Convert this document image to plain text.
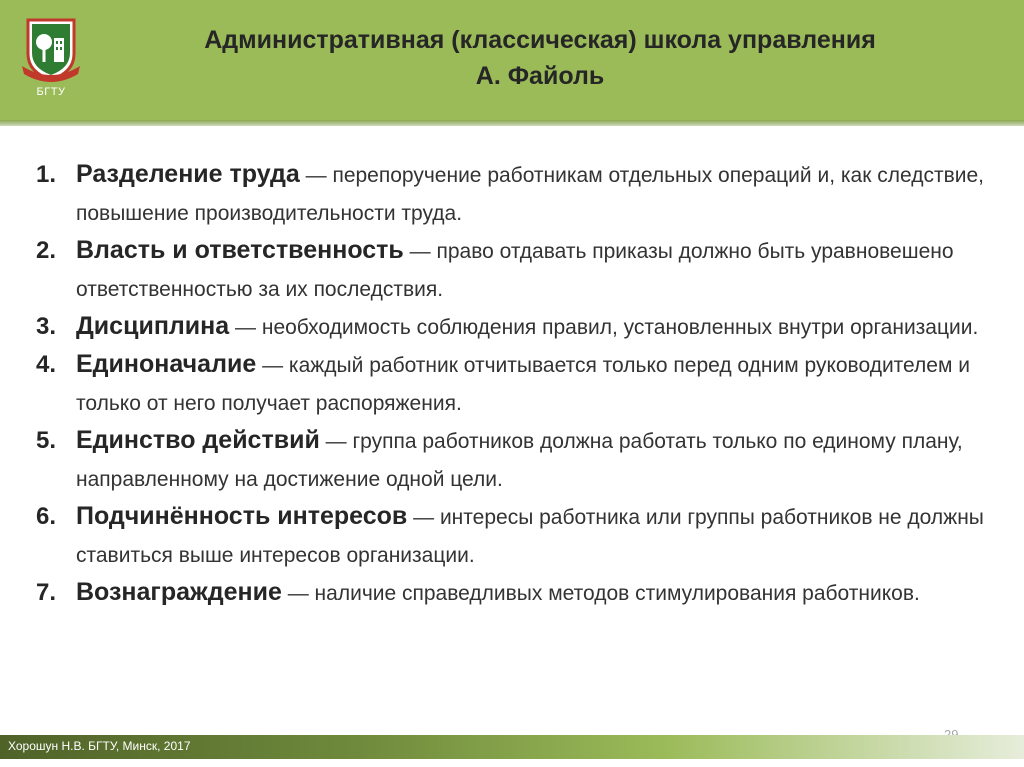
БГТУ
Административная (классическая) школа управления
А. Файоль
1. Разделение труда — перепоручение работникам отдельных операций и, как следствие, повышение производительности труда.
2. Власть и ответственность — право отдавать приказы должно быть уравновешено ответственностью за их последствия.
3. Дисциплина — необходимость соблюдения правил, установленных внутри организации.
4. Единоначалие — каждый работник отчитывается только перед одним руководителем и только от него получает распоряжения.
5. Единство действий — группа работников должна работать только по единому плану, направленному на достижение одной цели.
6. Подчинённость интересов — интересы работника или группы работников не должны ставиться выше интересов организации.
7. Вознаграждение — наличие справедливых методов стимулирования работников.
Хорошун Н.В. БГТУ, Минск, 2017
